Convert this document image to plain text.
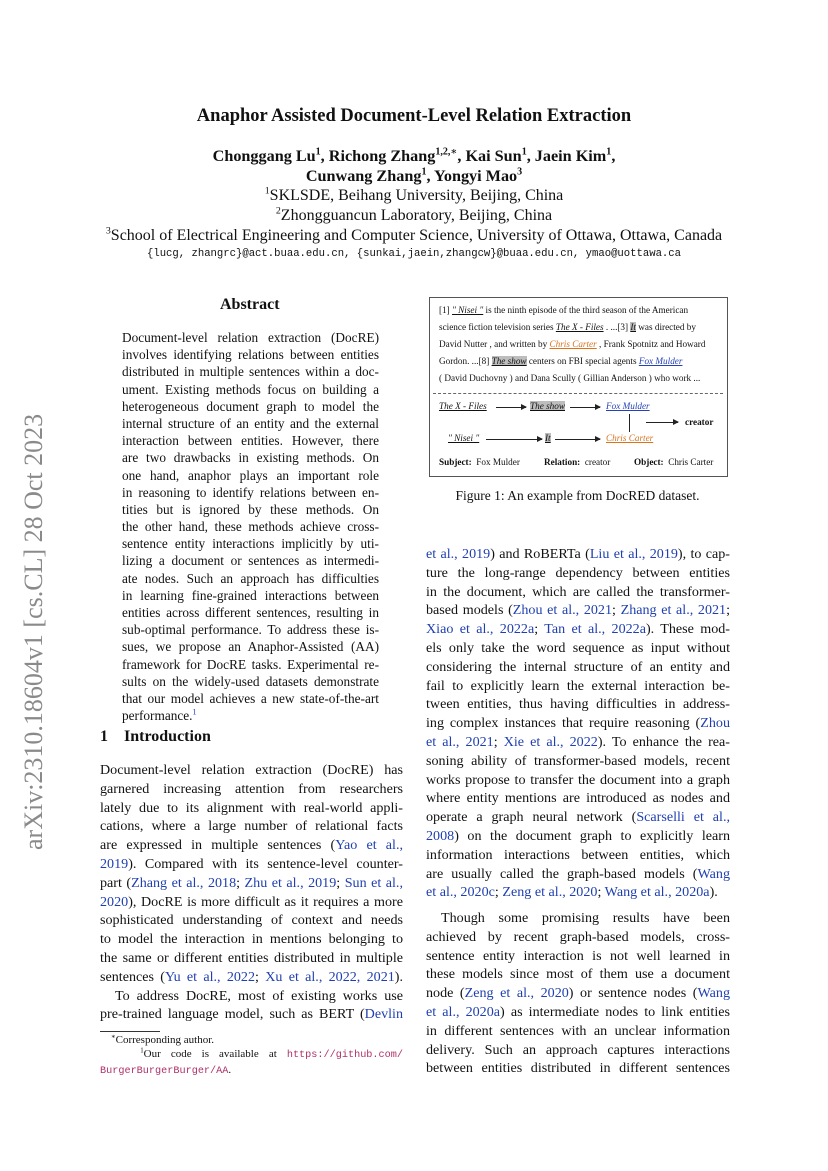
arXiv:2310.18604v1 [cs.CL] 28 Oct 2023
Anaphor Assisted Document-Level Relation Extraction
Chonggang Lu$^1$, Richong Zhang$^{1,2,∗}$, Kai Sun$^1$, Jaein Kim$^1$,
Cunwang Zhang$^1$, Yongyi Mao$^3$
$^1$SKLSDE, Beihang University, Beijing, China
$^2$Zhongguancun Laboratory, Beijing, China
$^3$School of Electrical Engineering and Computer Science, University of Ottawa, Ottawa, Canada
{lucg, zhangrc}@act.buaa.edu.cn, {sunkai,jaein,zhangcw}@buaa.edu.cn, ymao@uottawa.ca
Abstract
Document-level relation extraction (DocRE)
involves identifying relations between entities
distributed in multiple sentences within a doc-
ument. Existing methods focus on building a
heterogeneous document graph to model the
internal structure of an entity and the external
interaction between entities. However, there
are two drawbacks in existing methods. On
one hand, anaphor plays an important role
in reasoning to identify relations between en-
tities but is ignored by these methods. On
the other hand, these methods achieve cross-
sentence entity interactions implicitly by uti-
lizing a document or sentences as intermedi-
ate nodes. Such an approach has difficulties
in learning fine-grained interactions between
entities across different sentences, resulting in
sub-optimal performance. To address these is-
sues, we propose an Anaphor-Assisted (AA)
framework for DocRE tasks. Experimental re-
sults on the widely-used datasets demonstrate
that our model achieves a new state-of-the-art
performance.$^1$
1 Introduction
Document-level relation extraction (DocRE) has
garnered increasing attention from researchers
lately due to its alignment with real-world appli-
cations, where a large number of relational facts
are expressed in multiple sentences (Yao et al.,
2019). Compared with its sentence-level counter-
part (Zhang et al., 2018; Zhu et al., 2019; Sun et al.,
2020), DocRE is more difficult as it requires a more
sophisticated understanding of context and needs
to model the interaction in mentions belonging to
the same or different entities distributed in multiple
sentences (Yu et al., 2022; Xu et al., 2022, 2021).
To address DocRE, most of existing works use
pre-trained language model, such as BERT (Devlin
et al., 2019) and RoBERTa (Liu et al., 2019), to cap-
ture the long-range dependency between entities
in the document, which are called the transformer-
based models (Zhou et al., 2021; Zhang et al., 2021;
Xiao et al., 2022a; Tan et al., 2022a). These mod-
els only take the word sequence as input without
considering the internal structure of an entity and
fail to explicitly learn the external interaction be-
tween entities, thus having difficulties in address-
ing complex instances that require reasoning (Zhou
et al., 2021; Xie et al., 2022). To enhance the rea-
soning ability of transformer-based models, recent
works propose to transfer the document into a graph
where entity mentions are introduced as nodes and
operate a graph neural network (Scarselli et al.,
2008) on the document graph to explicitly learn
information interactions between entities, which
are usually called the graph-based models (Wang
et al., 2020c; Zeng et al., 2020; Wang et al., 2020a).
Though some promising results have been
achieved by recent graph-based models, cross-
sentence entity interaction is not well learned in
these models since most of them use a document
node (Zeng et al., 2020) or sentence nodes (Wang
et al., 2020a) as intermediate nodes to link entities
in different sentences with an unclear information
delivery. Such an approach captures interactions
between entities distributed in different sentences
∗Corresponding author.
$^1$Our code is available at https://github.com/
BurgerBurgerBurger/AA.
[1] " Nisei " is the ninth episode of the third season of the American
science fiction television series The X - Files . ...[3] It was directed by
David Nutter , and written by Chris Carter , Frank Spotnitz and Howard
Gordon. ...[8] The show centers on FBI special agents Fox Mulder
( David Duchovny ) and Dana Scully ( Gillian Anderson ) who work ...
The X - Files	The show	Fox Mulder
creator
" Nisei "	It	Chris Carter
Subject: Fox Mulder	Relation: creator	Object: Chris Carter
Figure 1: An example from DocRED dataset.
